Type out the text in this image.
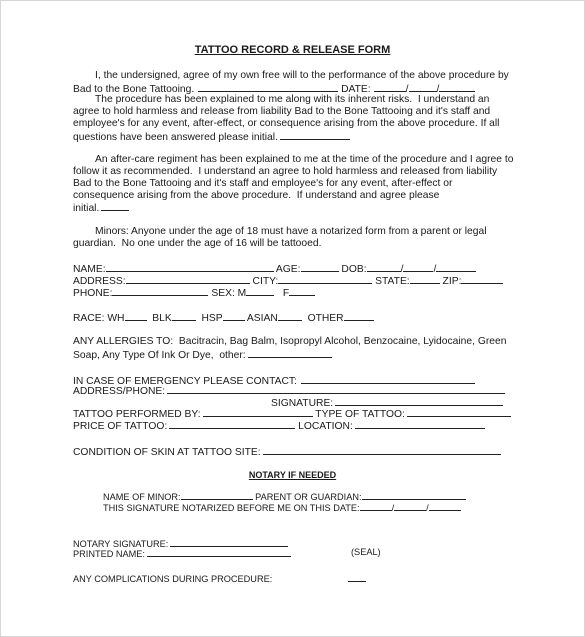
TATTOO RECORD & RELEASE FORM
I, the undersigned, agree of my own free will to the performance of the above procedure by
Bad to the Bone Tattooing.	DATE:	/	/
The procedure has been explained to me along with its inherent risks.  I understand an
agree to hold harmless and release from liability Bad to the Bone Tattooing and it's staff and
employee's for any event, after-effect, or consequence arising from the above procedure. If all
questions have been answered please initial.
An after-care regiment has been explained to me at the time of the procedure and I agree to
follow it as recommended.  I understand an agree to hold harmless and released from liability
Bad to the Bone Tattooing and it's staff and employee's for any event, after-effect or
consequence arising from the above procedure.  If understand and agree please
initial.
Minors: Anyone under the age of 18 must have a notarized form from a parent or legal
guardian.  No one under the age of 16 will be tattooed.
NAME:	AGE:	DOB:	/	/
ADDRESS:	CITY:	STATE:	ZIP:
PHONE:	SEX: M	F
RACE: WH	BLK	HSP ASIAN	OTHER
ANY ALLERGIES TO:  Bacitracin, Bag Balm, Isopropyl Alcohol, Benzocaine, Lyidocaine, Green
Soap, Any Type Of Ink Or Dye,  other:
IN CASE OF EMERGENCY PLEASE CONTACT:
ADDRESS/PHONE:
SIGNATURE:
TATTOO PERFORMED BY:	TYPE OF TATTOO:
PRICE OF TATTOO:	LOCATION:
CONDITION OF SKIN AT TATTOO SITE:
NOTARY IF NEEDED
NAME OF MINOR:	PARENT OR GUARDIAN:
THIS SIGNATURE NOTARIZED BEFORE ME ON THIS DATE:	/	/
NOTARY SIGNATURE:
PRINTED NAME:	(SEAL)
ANY COMPLICATIONS DURING PROCEDURE:
